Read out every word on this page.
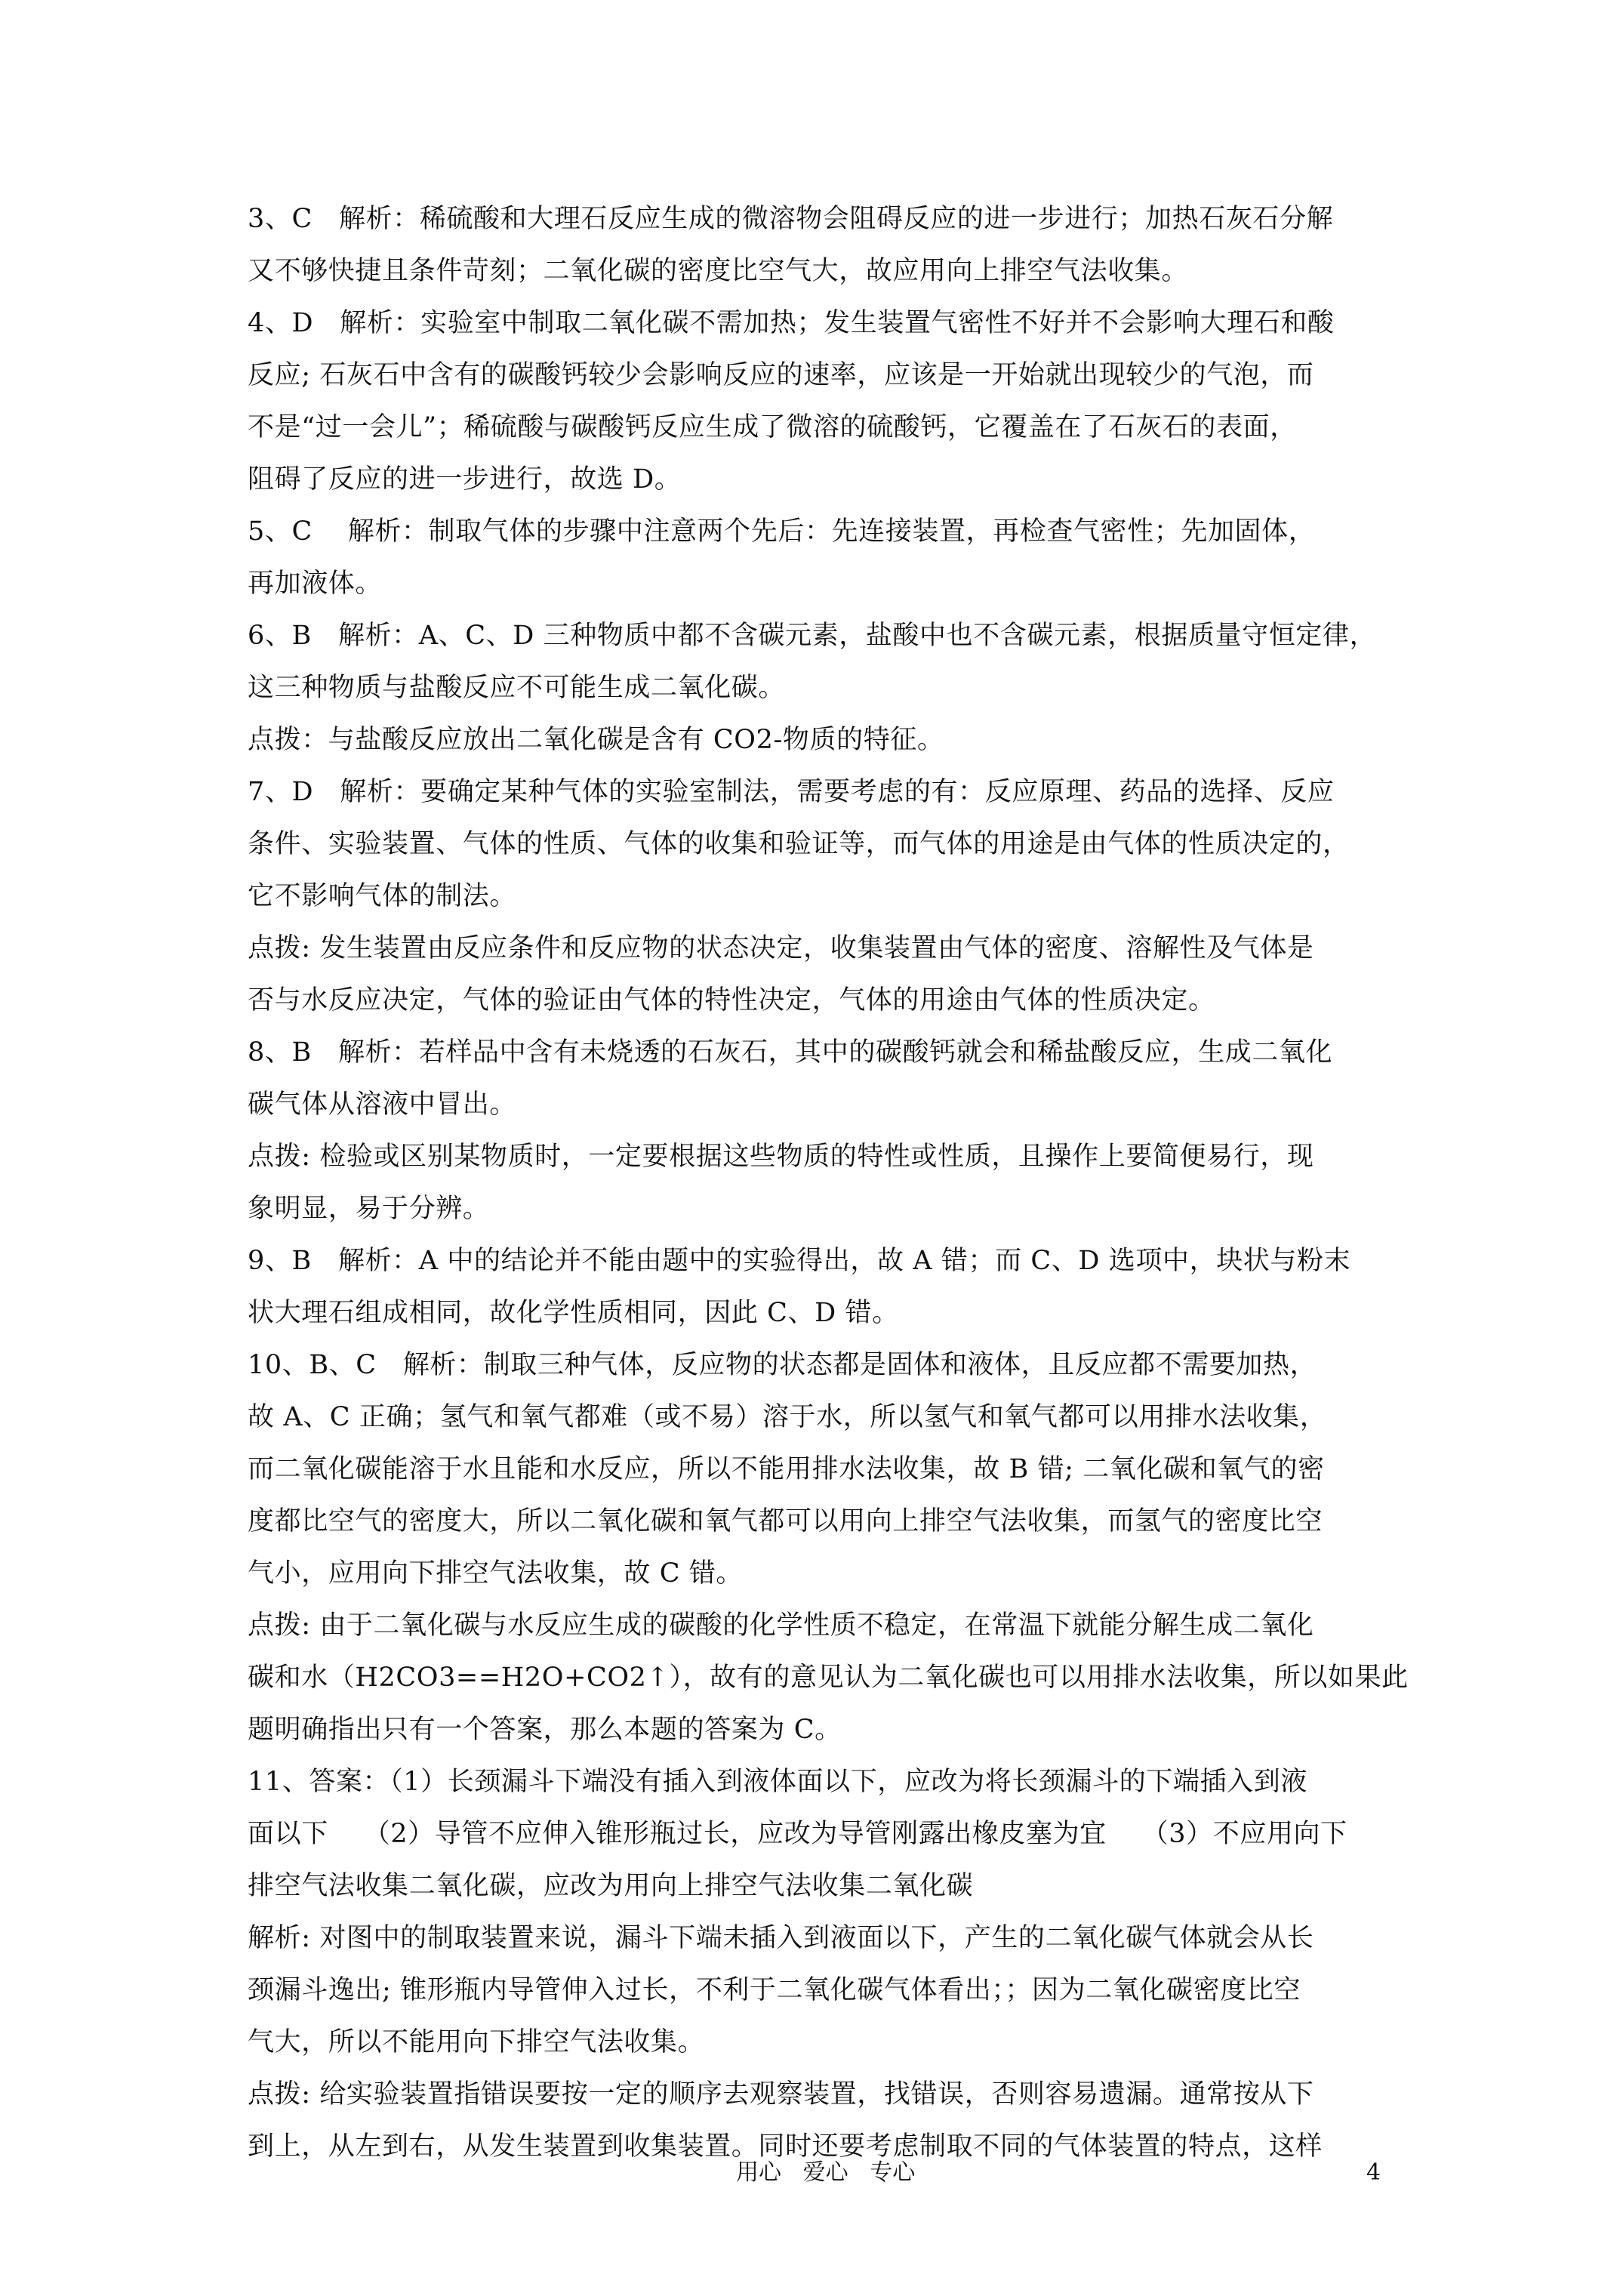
3、C   解析：稀硫酸和大理石反应生成的微溶物会阻碍反应的进一步进行；加热石灰石分解
又不够快捷且条件苛刻；二氧化碳的密度比空气大，故应用向上排空气法收集。
4、D   解析：实验室中制取二氧化碳不需加热；发生装置气密性不好并不会影响大理石和酸
反应; 石灰石中含有的碳酸钙较少会影响反应的速率，应该是一开始就出现较少的气泡，而
不是“过一会儿”；稀硫酸与碳酸钙反应生成了微溶的硫酸钙，它覆盖在了石灰石的表面，
阻碍了反应的进一步进行，故选 D。
5、C    解析：制取气体的步骤中注意两个先后：先连接装置，再检查气密性；先加固体，
再加液体。
6、B   解析：A、C、D 三种物质中都不含碳元素，盐酸中也不含碳元素，根据质量守恒定律，
这三种物质与盐酸反应不可能生成二氧化碳。
点拨：与盐酸反应放出二氧化碳是含有 CO2-物质的特征。
7、D   解析：要确定某种气体的实验室制法，需要考虑的有：反应原理、药品的选择、反应
条件、实验装置、气体的性质、气体的收集和验证等，而气体的用途是由气体的性质决定的，
它不影响气体的制法。
点拨: 发生装置由反应条件和反应物的状态决定，收集装置由气体的密度、溶解性及气体是
否与水反应决定，气体的验证由气体的特性决定，气体的用途由气体的性质决定。
8、B   解析：若样品中含有未烧透的石灰石，其中的碳酸钙就会和稀盐酸反应，生成二氧化
碳气体从溶液中冒出。
点拨: 检验或区别某物质时，一定要根据这些物质的特性或性质，且操作上要简便易行，现
象明显，易于分辨。
9、B   解析：A 中的结论并不能由题中的实验得出，故 A 错；而 C、D 选项中，块状与粉末
状大理石组成相同，故化学性质相同，因此 C、D 错。
10、B、C   解析：制取三种气体，反应物的状态都是固体和液体，且反应都不需要加热，
故 A、C 正确；氢气和氧气都难（或不易）溶于水，所以氢气和氧气都可以用排水法收集，
而二氧化碳能溶于水且能和水反应，所以不能用排水法收集，故 B 错; 二氧化碳和氧气的密
度都比空气的密度大，所以二氧化碳和氧气都可以用向上排空气法收集，而氢气的密度比空
气小，应用向下排空气法收集，故 C 错。
点拨: 由于二氧化碳与水反应生成的碳酸的化学性质不稳定，在常温下就能分解生成二氧化
碳和水（H2CO3==H2O+CO2↑），故有的意见认为二氧化碳也可以用排水法收集，所以如果此
题明确指出只有一个答案，那么本题的答案为 C。
11、答案：（1）长颈漏斗下端没有插入到液体面以下，应改为将长颈漏斗的下端插入到液
面以下    （2）导管不应伸入锥形瓶过长，应改为导管刚露出橡皮塞为宜    （3）不应用向下
排空气法收集二氧化碳，应改为用向上排空气法收集二氧化碳
解析: 对图中的制取装置来说，漏斗下端未插入到液面以下，产生的二氧化碳气体就会从长
颈漏斗逸出; 锥形瓶内导管伸入过长，不利于二氧化碳气体看出；；因为二氧化碳密度比空
气大，所以不能用向下排空气法收集。
点拨: 给实验装置指错误要按一定的顺序去观察装置，找错误，否则容易遗漏。通常按从下
到上，从左到右，从发生装置到收集装置。同时还要考虑制取不同的气体装置的特点，这样
用心   爱心   专心	4
